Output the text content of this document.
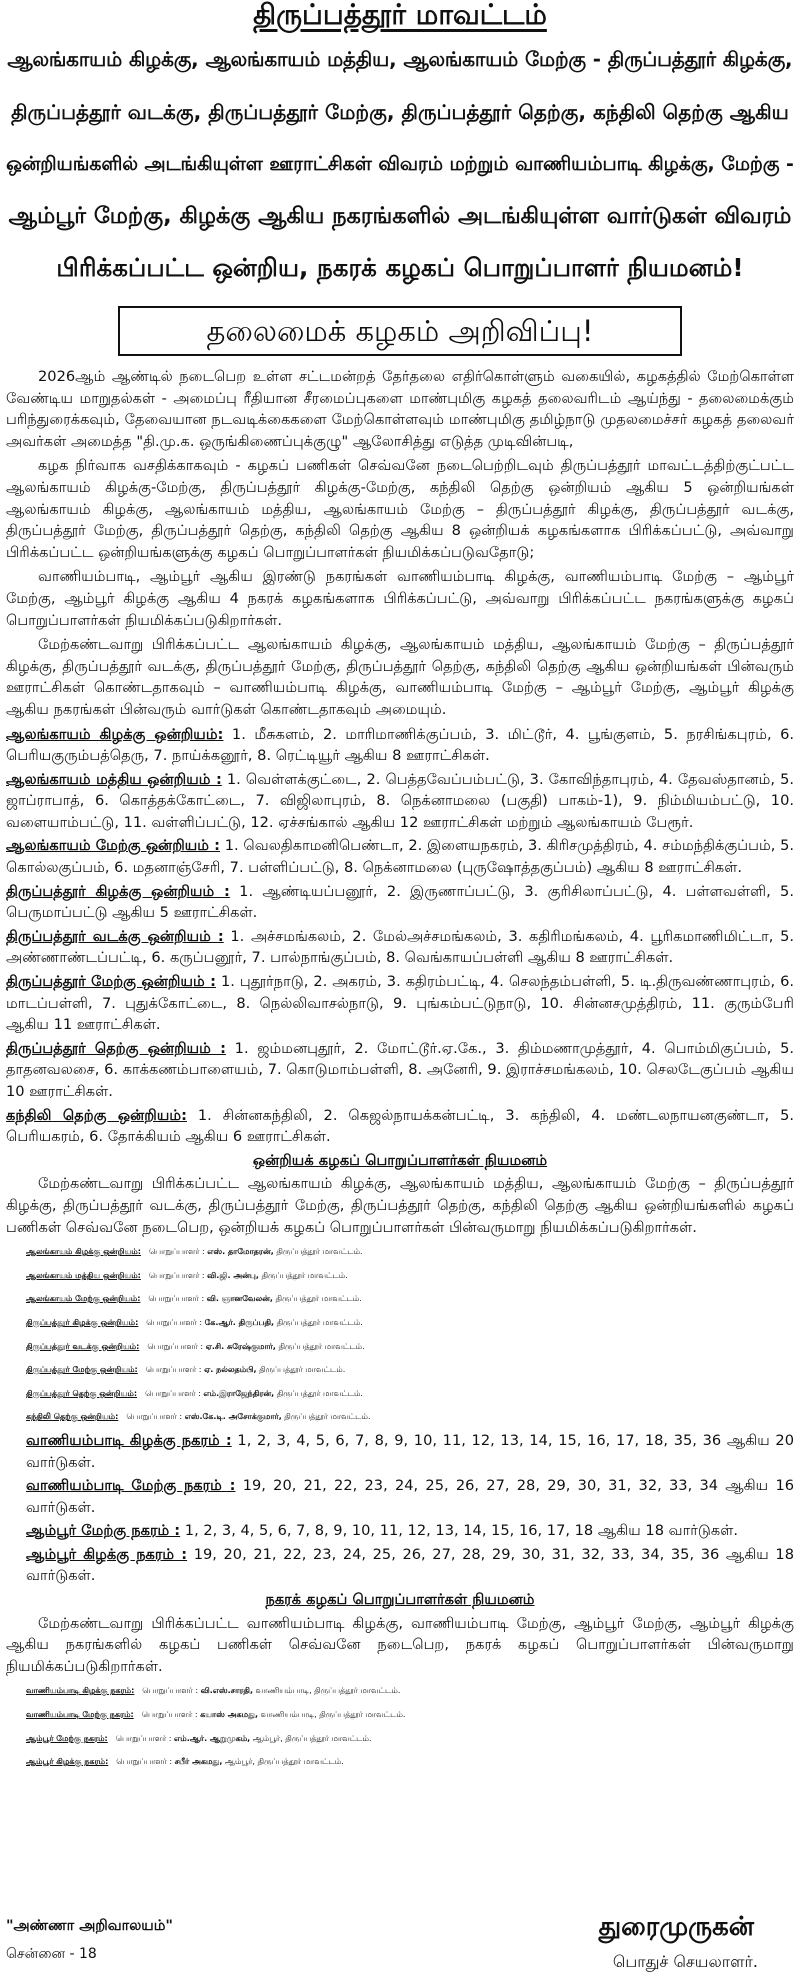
திருப்பத்தூர் மாவட்டம்
ஆலங்காயம் கிழக்கு, ஆலங்காயம் மத்திய, ஆலங்காயம் மேற்கு - திருப்பத்தூர் கிழக்கு,
திருப்பத்தூர் வடக்கு, திருப்பத்தூர் மேற்கு, திருப்பத்தூர் தெற்கு, கந்திலி தெற்கு ஆகிய
ஒன்றியங்களில் அடங்கியுள்ள ஊராட்சிகள் விவரம் மற்றும் வாணியம்பாடி கிழக்கு, மேற்கு -
ஆம்பூர் மேற்கு, கிழக்கு ஆகிய நகரங்களில் அடங்கியுள்ள வார்டுகள் விவரம்
பிரிக்கப்பட்ட ஒன்றிய, நகரக் கழகப் பொறுப்பாளர் நியமனம்!
தலைமைக் கழகம் அறிவிப்பு!

2026ஆம் ஆண்டில் நடைபெற உள்ள சட்டமன்றத் தேர்தலை எதிர்கொள்ளும் வகையில், கழகத்தில் மேற்கொள்ள வேண்டிய மாறுதல்கள் - அமைப்பு ரீதியான சீரமைப்புகளை மாண்புமிகு கழகத் தலைவரிடம் ஆய்ந்து - தலைமைக்கும் பரிந்துரைக்கவும், தேவையான நடவடிக்கைகளை மேற்கொள்ளவும் மாண்புமிகு தமிழ்நாடு முதலமைச்சர் கழகத் தலைவர் அவர்கள் அமைத்த "தி.மு.க. ஒருங்கிணைப்புக்குழு" ஆலோசித்து எடுத்த முடிவின்படி,

கழக நிர்வாக வசதிக்காகவும் - கழகப் பணிகள் செவ்வனே நடைபெற்றிடவும் திருப்பத்தூர் மாவட்டத்திற்குட்பட்ட ஆலங்காயம் கிழக்கு-மேற்கு, திருப்பத்தூர் கிழக்கு-மேற்கு, கந்திலி தெற்கு ஒன்றியம் ஆகிய 5 ஒன்றியங்கள் ஆலங்காயம் கிழக்கு, ஆலங்காயம் மத்திய, ஆலங்காயம் மேற்கு – திருப்பத்தூர் கிழக்கு, திருப்பத்தூர் வடக்கு, திருப்பத்தூர் மேற்கு, திருப்பத்தூர் தெற்கு, கந்திலி தெற்கு ஆகிய 8 ஒன்றியக் கழகங்களாக பிரிக்கப்பட்டு, அவ்வாறு பிரிக்கப்பட்ட ஒன்றியங்களுக்கு கழகப் பொறுப்பாளர்கள் நியமிக்கப்படுவதோடு;

வாணியம்பாடி, ஆம்பூர் ஆகிய இரண்டு நகரங்கள் வாணியம்பாடி கிழக்கு, வாணியம்பாடி மேற்கு – ஆம்பூர் மேற்கு, ஆம்பூர் கிழக்கு ஆகிய 4 நகரக் கழகங்களாக பிரிக்கப்பட்டு, அவ்வாறு பிரிக்கப்பட்ட நகரங்களுக்கு கழகப் பொறுப்பாளர்கள் நியமிக்கப்படுகிறார்கள்.

மேற்கண்டவாறு பிரிக்கப்பட்ட ஆலங்காயம் கிழக்கு, ஆலங்காயம் மத்திய, ஆலங்காயம் மேற்கு – திருப்பத்தூர் கிழக்கு, திருப்பத்தூர் வடக்கு, திருப்பத்தூர் மேற்கு, திருப்பத்தூர் தெற்கு, கந்திலி தெற்கு ஆகிய ஒன்றியங்கள் பின்வரும் ஊராட்சிகள் கொண்டதாகவும் – வாணியம்பாடி கிழக்கு, வாணியம்பாடி மேற்கு – ஆம்பூர் மேற்கு, ஆம்பூர் கிழக்கு ஆகிய நகரங்கள் பின்வரும் வார்டுகள் கொண்டதாகவும் அமையும்.

ஆலங்காயம் கிழக்கு ஒன்றியம்: 1. மீசுகளம், 2. மாரிமாணிக்குப்பம், 3. மிட்டூர், 4. பூங்குளம், 5. நரசிங்கபுரம், 6. பெரியகுரும்பத்தெரு, 7. நாய்க்கனூர், 8. ரெட்டியூர் ஆகிய 8 ஊராட்சிகள்.

ஆலங்காயம் மத்திய ஒன்றியம் : 1. வெள்ளக்குட்டை, 2. பெத்தவேப்பம்பட்டு, 3. கோவிந்தாபுரம், 4. தேவஸ்தானம், 5. ஜாப்ராபாத், 6. கொத்தக்கோட்டை, 7. விஜிலாபுரம், 8. நெக்னாமலை (பகுதி) பாகம்-1), 9. நிம்மியம்பட்டு, 10. வளையாம்பட்டு, 11. வள்ளிப்பட்டு, 12. ஏச்சங்கால் ஆகிய 12 ஊராட்சிகள் மற்றும் ஆலங்காயம் பேரூர்.

ஆலங்காயம் மேற்கு ஒன்றியம் : 1. வெலதிகாமனிபெண்டா, 2. இளையநகரம், 3. கிரிசமுத்திரம், 4. சம்மந்திக்குப்பம், 5. கொல்லகுப்பம், 6. மதனாஞ்சேரி, 7. பள்ளிப்பட்டு, 8. நெக்னாமலை (புருஷோத்தகுப்பம்) ஆகிய 8 ஊராட்சிகள்.

திருப்பத்தூர் கிழக்கு ஒன்றியம் : 1. ஆண்டியப்பனூர், 2. இருணாப்பட்டு, 3. குரிசிலாப்பட்டு, 4. பள்ளவள்ளி, 5. பெருமாப்பட்டு ஆகிய 5 ஊராட்சிகள்.

திருப்பத்தூர் வடக்கு ஒன்றியம் : 1. அச்சமங்கலம், 2. மேல்அச்சமங்கலம், 3. கதிரிமங்கலம், 4. பூரிகமாணிமிட்டா, 5. அண்ணாண்டப்பட்டி, 6. கருப்பனூர், 7. பால்நாங்குப்பம், 8. வெங்காயப்பள்ளி ஆகிய 8 ஊராட்சிகள்.

திருப்பத்தூர் மேற்கு ஒன்றியம் : 1. புதூர்நாடு, 2. அகரம், 3. கதிரம்பட்டி, 4. செலந்தம்பள்ளி, 5. டி.திருவண்ணாபுரம், 6. மாடப்பள்ளி, 7. புதுக்கோட்டை, 8. நெல்லிவாசல்நாடு, 9. புங்கம்பட்டுநாடு, 10. சின்னசமுத்திரம், 11. குரும்பேரி ஆகிய 11 ஊராட்சிகள்.

திருப்பத்தூர் தெற்கு ஒன்றியம் : 1. ஜம்மனபுதூர், 2. மோட்டூர்.ஏ.கே., 3. திம்மணாமுத்தூர், 4. பொம்மிகுப்பம், 5. தாதனவலசை, 6. காக்கணம்பாளையம், 7. கொடுமாம்பள்ளி, 8. அனேரி, 9. இராச்சமங்கலம், 10. செலடேகுப்பம் ஆகிய 10 ஊராட்சிகள்.

கந்திலி தெற்கு ஒன்றியம்: 1. சின்னகந்திலி, 2. கெஜல்நாயக்கன்பட்டி, 3. கந்திலி, 4. மண்டலநாயனகுண்டா, 5. பெரியகரம், 6. தோக்கியம் ஆகிய 6 ஊராட்சிகள்.

ஒன்றியக் கழகப் பொறுப்பாளர்கள் நியமனம்

மேற்கண்டவாறு பிரிக்கப்பட்ட ஆலங்காயம் கிழக்கு, ஆலங்காயம் மத்திய, ஆலங்காயம் மேற்கு – திருப்பத்தூர் கிழக்கு, திருப்பத்தூர் வடக்கு, திருப்பத்தூர் மேற்கு, திருப்பத்தூர் தெற்கு, கந்திலி தெற்கு ஆகிய ஒன்றியங்களில் கழகப் பணிகள் செவ்வனே நடைபெற, ஒன்றியக் கழகப் பொறுப்பாளர்கள் பின்வருமாறு நியமிக்கப்படுகிறார்கள்.

ஆலங்காயம் கிழக்கு ஒன்றியம்: பொறுப்பாளர் : எஸ். தாமோதரன், திருப்பத்தூர் மாவட்டம்.

ஆலங்காயம் மத்திய ஒன்றியம்: பொறுப்பாளர் : வி.ஜி. அன்பு, திருப்பத்தூர் மாவட்டம்.

ஆலங்காயம் மேற்கு ஒன்றியம்: பொறுப்பாளர் : வி. ஞானவேலன், திருப்பத்தூர் மாவட்டம்.

திருப்பத்தூர் கிழக்கு ஒன்றியம்: பொறுப்பாளர் : கே.ஆர். திருப்பதி, திருப்பத்தூர் மாவட்டம்.

திருப்பத்தூர் வடக்கு ஒன்றியம்: பொறுப்பாளர் : ஏ.சி. சுரேஷ்குமார், திருப்பத்தூர் மாவட்டம்.

திருப்பத்தூர் மேற்கு ஒன்றியம்: பொறுப்பாளர் : ஏ. நல்லதம்பி, திருப்பத்தூர் மாவட்டம்.

திருப்பத்தூர் தெற்கு ஒன்றியம்: பொறுப்பாளர் : எம்.இராஜேந்திரன், திருப்பத்தூர் மாவட்டம்.

கந்திலி தெற்கு ஒன்றியம்: பொறுப்பாளர் : எஸ்.கே.டி. அசோக்குமார், திருப்பத்தூர் மாவட்டம்.

வாணியம்பாடி கிழக்கு நகரம் : 1, 2, 3, 4, 5, 6, 7, 8, 9, 10, 11, 12, 13, 14, 15, 16, 17, 18, 35, 36 ஆகிய 20 வார்டுகள்.

வாணியம்பாடி மேற்கு நகரம் : 19, 20, 21, 22, 23, 24, 25, 26, 27, 28, 29, 30, 31, 32, 33, 34 ஆகிய 16 வார்டுகள்.

ஆம்பூர் மேற்கு நகரம் : 1, 2, 3, 4, 5, 6, 7, 8, 9, 10, 11, 12, 13, 14, 15, 16, 17, 18 ஆகிய 18 வார்டுகள்.

ஆம்பூர் கிழக்கு நகரம் : 19, 20, 21, 22, 23, 24, 25, 26, 27, 28, 29, 30, 31, 32, 33, 34, 35, 36 ஆகிய 18 வார்டுகள்.

நகரக் கழகப் பொறுப்பாளர்கள் நியமனம்

மேற்கண்டவாறு பிரிக்கப்பட்ட வாணியம்பாடி கிழக்கு, வாணியம்பாடி மேற்கு, ஆம்பூர் மேற்கு, ஆம்பூர் கிழக்கு ஆகிய நகரங்களில் கழகப் பணிகள் செவ்வனே நடைபெற, நகரக் கழகப் பொறுப்பாளர்கள் பின்வருமாறு நியமிக்கப்படுகிறார்கள்.

வாணியம்பாடி கிழக்கு நகரம்: பொறுப்பாளர் : வி.எஸ்.சாரதி, வாணியம்பாடி, திருப்பத்தூர் மாவட்டம்.

வாணியம்பாடி மேற்கு நகரம்: பொறுப்பாளர் : கயாஸ் அகமது, வாணியம்பாடி, திருப்பத்தூர் மாவட்டம்.

ஆம்பூர் மேற்கு நகரம்: பொறுப்பாளர் : எம்.ஆர். ஆறுமுகம், ஆம்பூர், திருப்பத்தூர் மாவட்டம்.

ஆம்பூர் கிழக்கு நகரம்: பொறுப்பாளர் : சபீர் அகமது, ஆம்பூர், திருப்பத்தூர் மாவட்டம்.

"அண்ணா அறிவாலயம்"
சென்னை - 18
துரைமுருகன்
பொதுச் செயலாளர்.
